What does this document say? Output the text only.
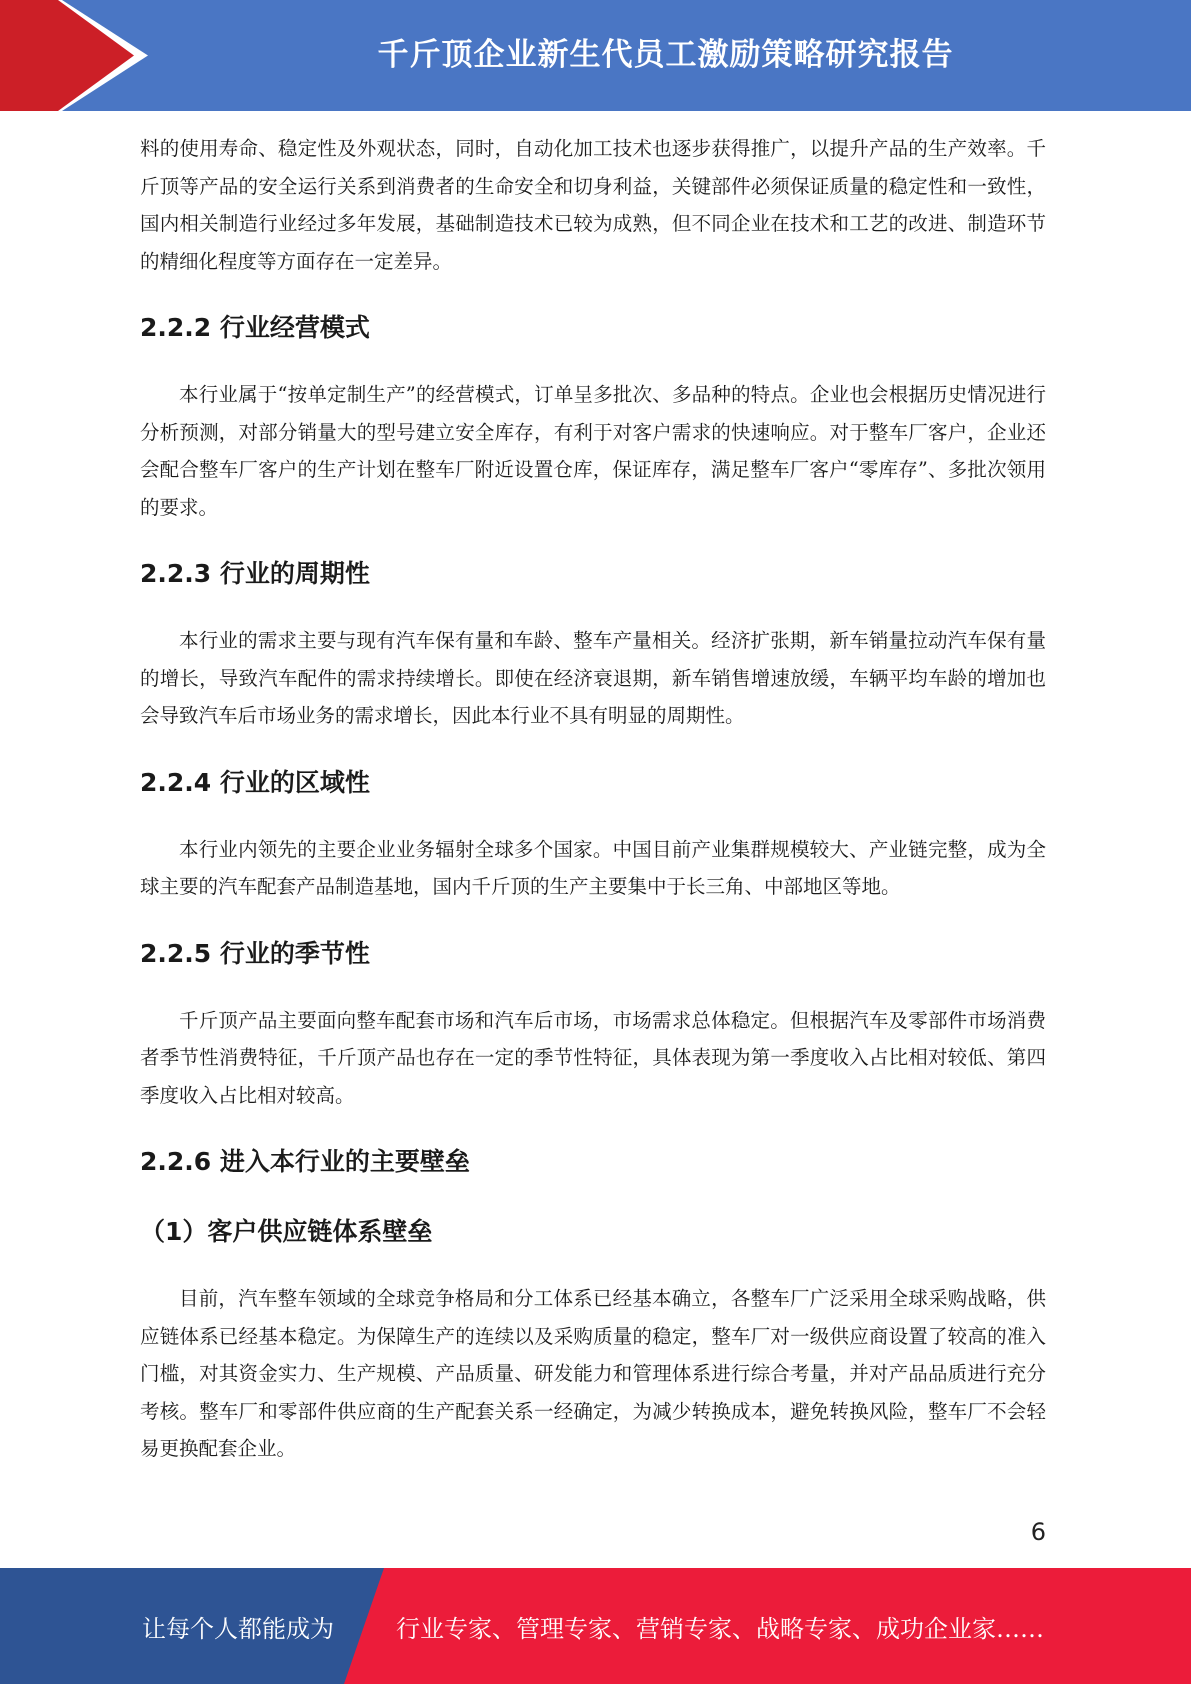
千斤顶企业新生代员工激励策略研究报告

料的使用寿命、稳定性及外观状态，同时，自动化加工技术也逐步获得推广，以提升产品的生产效率。千斤顶等产品的安全运行关系到消费者的生命安全和切身利益，关键部件必须保证质量的稳定性和一致性，国内相关制造行业经过多年发展，基础制造技术已较为成熟，但不同企业在技术和工艺的改进、制造环节的精细化程度等方面存在一定差异。

2.2.2 行业经营模式

本行业属于“按单定制生产”的经营模式，订单呈多批次、多品种的特点。企业也会根据历史情况进行分析预测，对部分销量大的型号建立安全库存，有利于对客户需求的快速响应。对于整车厂客户，企业还会配合整车厂客户的生产计划在整车厂附近设置仓库，保证库存，满足整车厂客户“零库存”、多批次领用的要求。

2.2.3 行业的周期性

本行业的需求主要与现有汽车保有量和车龄、整车产量相关。经济扩张期，新车销量拉动汽车保有量的增长，导致汽车配件的需求持续增长。即使在经济衰退期，新车销售增速放缓，车辆平均车龄的增加也会导致汽车后市场业务的需求增长，因此本行业不具有明显的周期性。

2.2.4 行业的区域性

本行业内领先的主要企业业务辐射全球多个国家。中国目前产业集群规模较大、产业链完整，成为全球主要的汽车配套产品制造基地，国内千斤顶的生产主要集中于长三角、中部地区等地。

2.2.5 行业的季节性

千斤顶产品主要面向整车配套市场和汽车后市场，市场需求总体稳定。但根据汽车及零部件市场消费者季节性消费特征，千斤顶产品也存在一定的季节性特征，具体表现为第一季度收入占比相对较低、第四季度收入占比相对较高。

2.2.6 进入本行业的主要壁垒
（1）客户供应链体系壁垒

目前，汽车整车领域的全球竞争格局和分工体系已经基本确立，各整车厂广泛采用全球采购战略，供应链体系已经基本稳定。为保障生产的连续以及采购质量的稳定，整车厂对一级供应商设置了较高的准入门槛，对其资金实力、生产规模、产品质量、研发能力和管理体系进行综合考量，并对产品品质进行充分考核。整车厂和零部件供应商的生产配套关系一经确定，为减少转换成本，避免转换风险，整车厂不会轻易更换配套企业。

6
让每个人都能成为	行业专家、管理专家、营销专家、战略专家、成功企业家……
